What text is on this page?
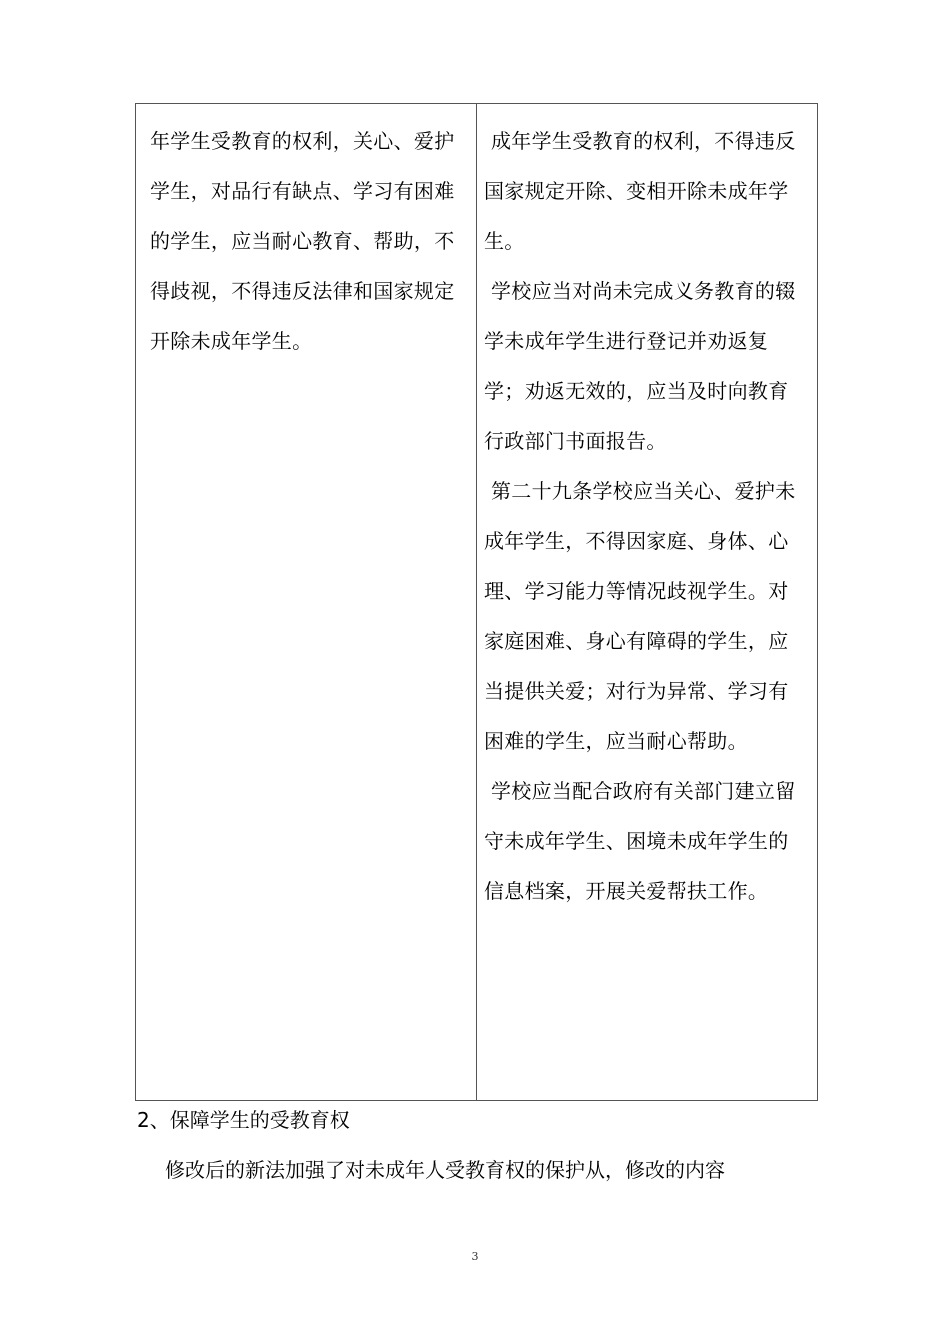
年学生受教育的权利，关心、爱护学生，对品行有缺点、学习有困难的学生，应当耐心教育、帮助，不得歧视，不得违反法律和国家规定开除未成年学生。

成年学生受教育的权利，不得违反国家规定开除、变相开除未成年学生。

学校应当对尚未完成义务教育的辍学未成年学生进行登记并劝返复学；劝返无效的，应当及时向教育行政部门书面报告。

第二十九条学校应当关心、爱护未成年学生，不得因家庭、身体、心理、学习能力等情况歧视学生。对家庭困难、身心有障碍的学生，应当提供关爱；对行为异常、学习有困难的学生，应当耐心帮助。

学校应当配合政府有关部门建立留守未成年学生、困境未成年学生的信息档案，开展关爱帮扶工作。

2、保障学生的受教育权

修改后的新法加强了对未成年人受教育权的保护从，修改的内容

3
